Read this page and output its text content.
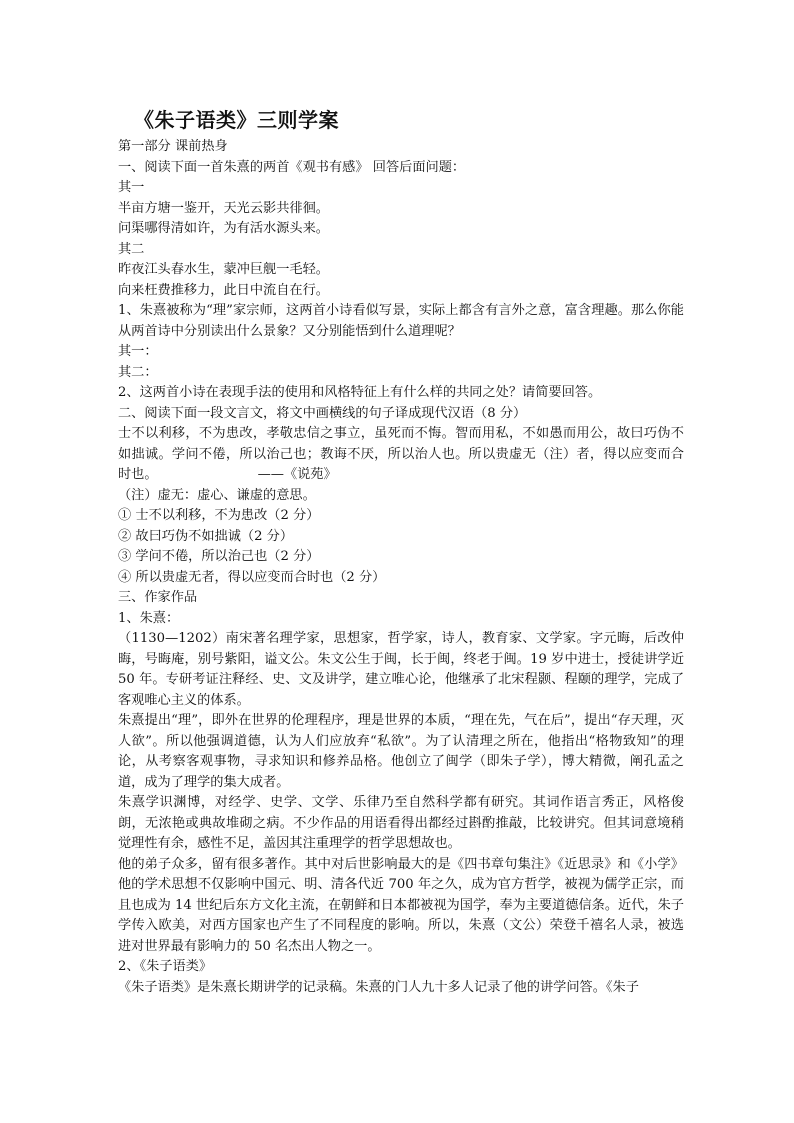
《朱子语类》三则学案

第一部分 课前热身

一、阅读下面一首朱熹的两首《观书有感》 回答后面问题：

其一

半亩方塘一鉴开，天光云影共徘徊。

问渠哪得清如许，为有活水源头来。

其二

昨夜江头春水生，蒙冲巨舰一毛轻。

向来枉费推移力，此日中流自在行。

1、朱熹被称为“理”家宗师，这两首小诗看似写景，实际上都含有言外之意，富含理趣。那么你能从两首诗中分别读出什么景象？又分别能悟到什么道理呢？

其一：

其二：

2、这两首小诗在表现手法的使用和风格特征上有什么样的共同之处？请简要回答。

二、阅读下面一段文言文，将文中画横线的句子译成现代汉语（8 分）

士不以利移，不为患改，孝敬忠信之事立，虽死而不悔。智而用私，不如愚而用公，故曰巧伪不如拙诚。学问不倦，所以治己也；教诲不厌，所以治人也。所以贵虚无（注）者，得以应变而合时也。	——《说苑》

（注）虚无：虚心、谦虚的意思。

① 士不以利移，不为患改（2 分）

② 故曰巧伪不如拙诚（2 分）

③ 学问不倦，所以治己也（2 分）

④ 所以贵虚无者，得以应变而合时也（2 分）

三、作家作品

1、朱熹：

（1130—1202）南宋著名理学家，思想家，哲学家，诗人，教育家、文学家。字元晦，后改仲晦，号晦庵，别号紫阳，谥文公。朱文公生于闽，长于闽，终老于闽。19 岁中进士，授徒讲学近 50 年。专研考证注释经、史、文及讲学，建立唯心论，他继承了北宋程颢、程颐的理学，完成了客观唯心主义的体系。

朱熹提出“理”，即外在世界的伦理程序，理是世界的本质，“理在先，气在后”，提出“存天理，灭人欲”。所以他强调道德，认为人们应放弃“私欲”。为了认清理之所在，他指出“格物致知”的理论，从考察客观事物，寻求知识和修养品格。他创立了闽学（即朱子学），博大精微，阐孔孟之道，成为了理学的集大成者。

朱熹学识渊博，对经学、史学、文学、乐律乃至自然科学都有研究。其词作语言秀正，风格俊朗，无浓艳或典故堆砌之病。不少作品的用语看得出都经过斟酌推敲，比较讲究。但其词意境稍觉理性有余，感性不足，盖因其注重理学的哲学思想故也。

他的弟子众多，留有很多著作。其中对后世影响最大的是《四书章句集注》《近思录》和《小学》 他的学术思想不仅影响中国元、明、清各代近 700 年之久，成为官方哲学，被视为儒学正宗，而且也成为 14 世纪后东方文化主流，在朝鲜和日本都被视为国学，奉为主要道德信条。近代，朱子学传入欧美，对西方国家也产生了不同程度的影响。所以，朱熹（文公）荣登千禧名人录，被选进对世界最有影响力的 50 名杰出人物之一。

2、《朱子语类》

《朱子语类》是朱熹长期讲学的记录稿。朱熹的门人九十多人记录了他的讲学问答。《朱子
